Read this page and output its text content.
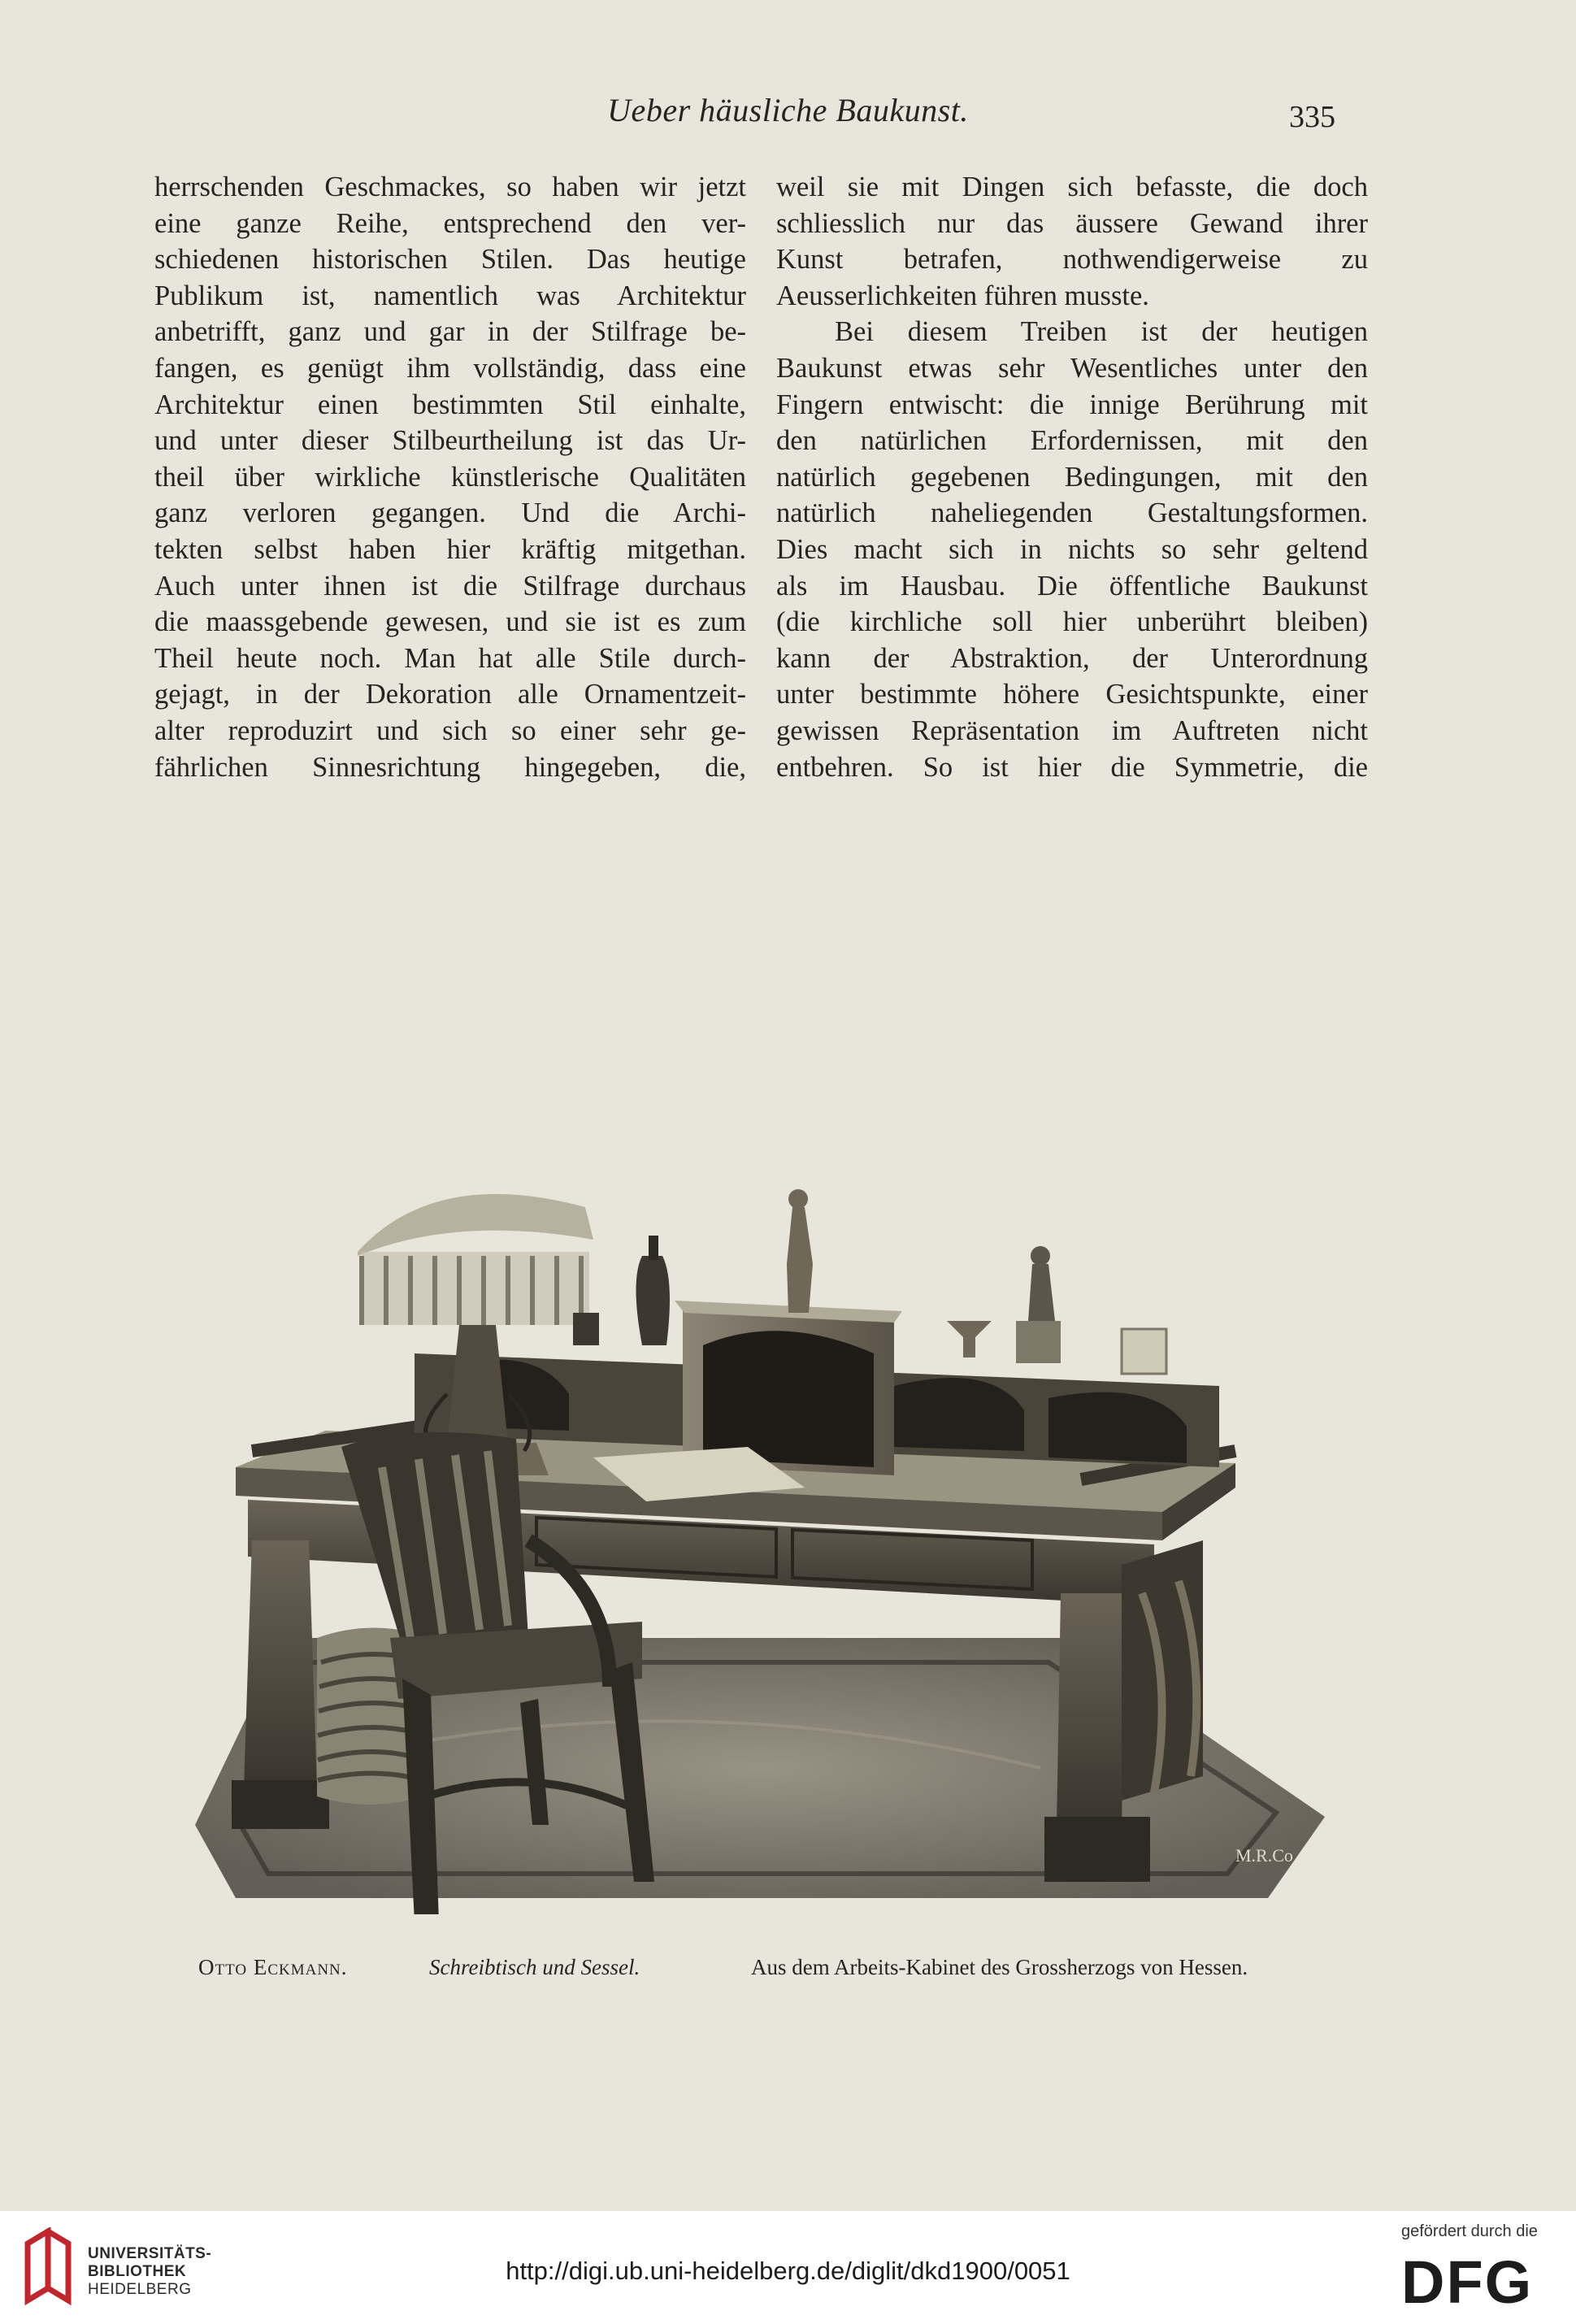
Ueber häusliche Baukunst.	335

herrschenden Geschmackes, so haben wir jetzt

eine ganze Reihe, entsprechend den ver-

schiedenen historischen Stilen. Das heutige

Publikum ist, namentlich was Architektur

anbetrifft, ganz und gar in der Stilfrage be-

fangen, es genügt ihm vollständig, dass eine

Architektur einen bestimmten Stil einhalte,

und unter dieser Stilbeurtheilung ist das Ur-

theil über wirkliche künstlerische Qualitäten

ganz verloren gegangen. Und die Archi-

tekten selbst haben hier kräftig mitgethan.

Auch unter ihnen ist die Stilfrage durchaus

die maassgebende gewesen, und sie ist es zum

Theil heute noch. Man hat alle Stile durch-

gejagt, in der Dekoration alle Ornamentzeit-

alter reproduzirt und sich so einer sehr ge-

fährlichen Sinnesrichtung hingegeben, die,

weil sie mit Dingen sich befasste, die doch

schliesslich nur das äussere Gewand ihrer

Kunst betrafen, nothwendigerweise zu

Aeusserlichkeiten führen musste.

Bei diesem Treiben ist der heutigen

Baukunst etwas sehr Wesentliches unter den

Fingern entwischt: die innige Berührung mit

den natürlichen Erfordernissen, mit den

natürlich gegebenen Bedingungen, mit den

natürlich naheliegenden Gestaltungsformen.

Dies macht sich in nichts so sehr geltend

als im Hausbau. Die öffentliche Baukunst

(die kirchliche soll hier unberührt bleiben)

kann der Abstraktion, der Unterordnung

unter bestimmte höhere Gesichtspunkte, einer

gewissen Repräsentation im Auftreten nicht

entbehren. So ist hier die Symmetrie, die

M.R.Co
Otto Eckmann.	Schreibtisch und Sessel.	Aus dem Arbeits-Kabinet des Grossherzogs von Hessen.
UNIVERSITÄTS-
BIBLIOTHEK
HEIDELBERG
http://digi.ub.uni-heidelberg.de/diglit/dkd1900/0051
gefördert durch die
DFG
